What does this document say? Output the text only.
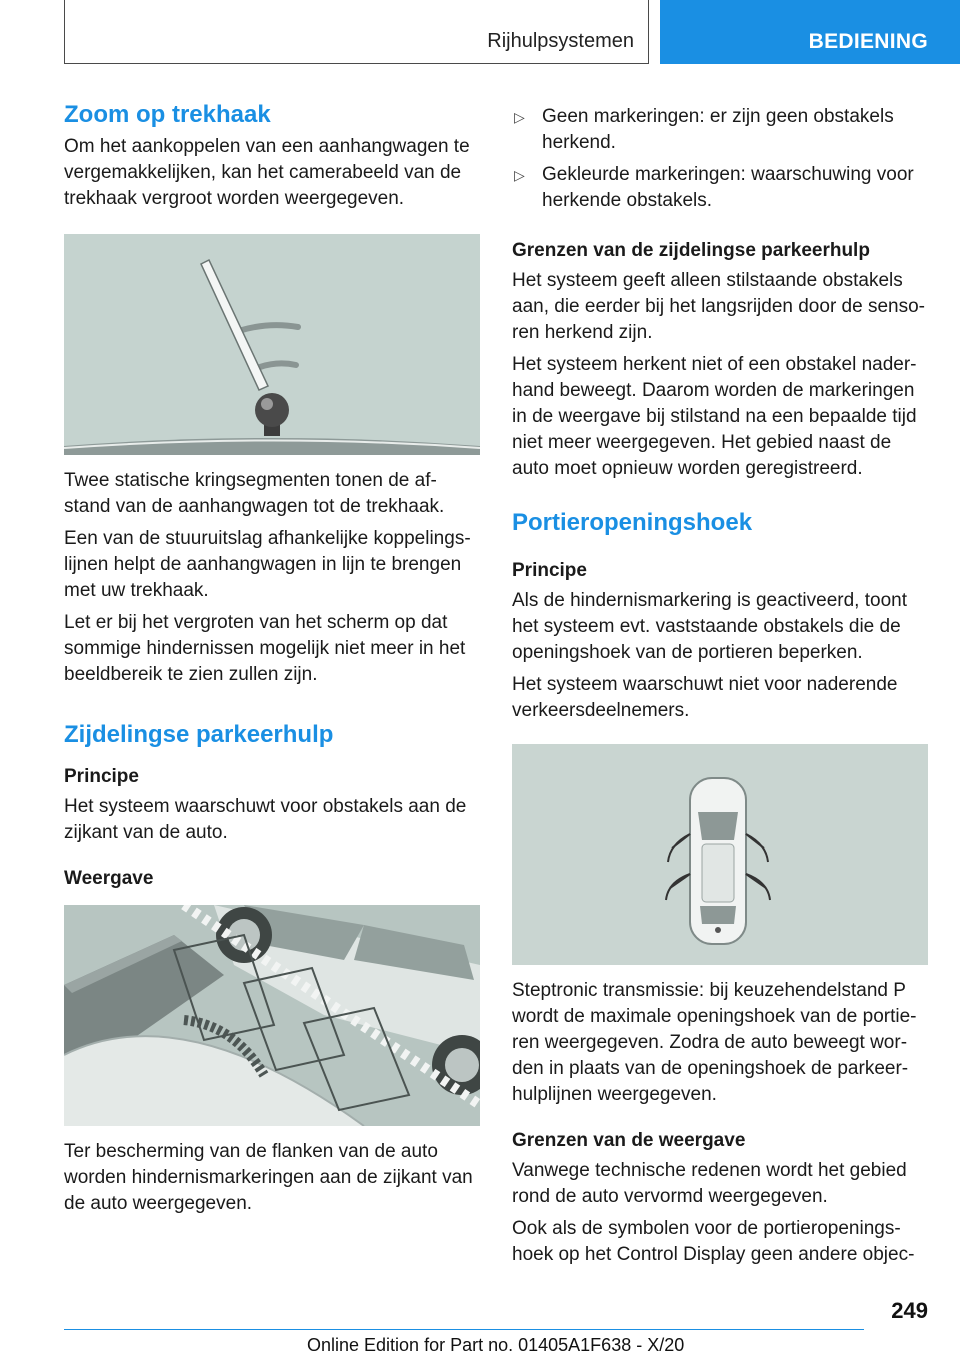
Rijhulpsystemen	BEDIENING
Zoom op trekhaak

Om het aankoppelen van een aanhangwagen te vergemakkelijken, kan het camerabeeld van de trekhaak vergroot worden weergegeven.

Twee statische kringsegmenten tonen de af- stand van de aanhangwagen tot de trekhaak.

Een van de stuuruitslag afhankelijke koppelings- lijnen helpt de aanhangwagen in lijn te brengen met uw trekhaak.

Let er bij het vergroten van het scherm op dat sommige hindernissen mogelijk niet meer in het beeldbereik te zien zullen zijn.

Zijdelingse parkeerhulp
Principe

Het systeem waarschuwt voor obstakels aan de zijkant van de auto.

Weergave

Ter bescherming van de flanken van de auto worden hindernismarkeringen aan de zijkant van de auto weergegeven.

▷ Geen markeringen: er zijn geen obstakels herkend.
▷ Gekleurde markeringen: waarschuwing voor herkende obstakels.
Grenzen van de zijdelingse parkeerhulp

Het systeem geeft alleen stilstaande obstakels aan, die eerder bij het langsrijden door de senso- ren herkend zijn.

Het systeem herkent niet of een obstakel nader- hand beweegt. Daarom worden de markeringen in de weergave bij stilstand na een bepaalde tijd niet meer weergegeven. Het gebied naast de auto moet opnieuw worden geregistreerd.

Portieropeningshoek
Principe

Als de hindernismarkering is geactiveerd, toont het systeem evt. vaststaande obstakels die de openingshoek van de portieren beperken.

Het systeem waarschuwt niet voor naderende verkeersdeelnemers.

Steptronic transmissie: bij keuzehendelstand P wordt de maximale openingshoek van de portie- ren weergegeven. Zodra de auto beweegt wor- den in plaats van de openingshoek de parkeer- hulplijnen weergegeven.

Grenzen van de weergave

Vanwege technische redenen wordt het gebied rond de auto vervormd weergegeven.

Ook als de symbolen voor de portieropenings- hoek op het Control Display geen andere objec-

249
Online Edition for Part no. 01405A1F638 - X/20
